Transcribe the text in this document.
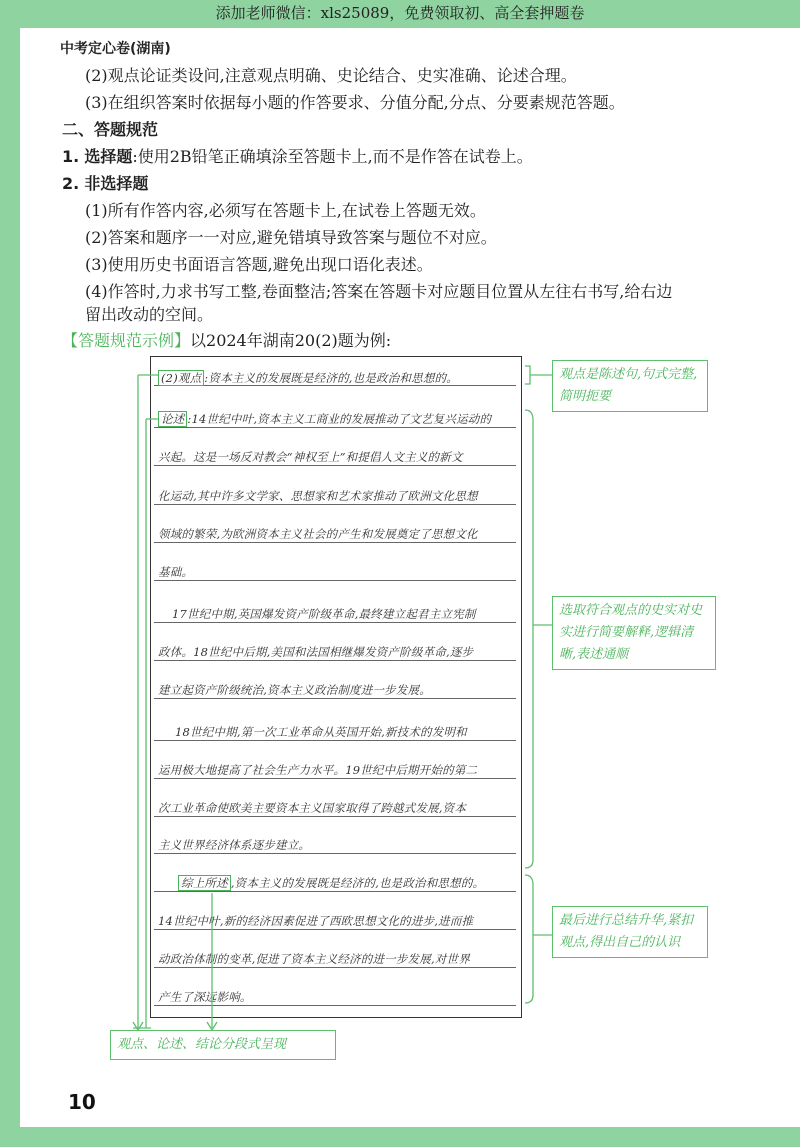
添加老师微信：xls25089，免费领取初、高全套押题卷
中考定心卷(湖南)
(2)观点论证类设问,注意观点明确、史论结合、史实准确、论述合理。
(3)在组织答案时依据每小题的作答要求、分值分配,分点、分要素规范答题。
二、答题规范
1. 选择题:使用2B铅笔正确填涂至答题卡上,而不是作答在试卷上。
2. 非选择题
(1)所有作答内容,必须写在答题卡上,在试卷上答题无效。
(2)答案和题序一一对应,避免错填导致答案与题位不对应。
(3)使用历史书面语言答题,避免出现口语化表述。
(4)作答时,力求书写工整,卷面整洁;答案在答题卡对应题目位置从左往右书写,给右边
留出改动的空间。
【答题规范示例】以2024年湖南20(2)题为例:
(2)观点 :资本主义的发展既是经济的,也是政治和思想的。
论述 :14世纪中叶,资本主义工商业的发展推动了文艺复兴运动的
兴起。这是一场反对教会“神权至上”和提倡人文主义的新文
化运动,其中许多文学家、思想家和艺术家推动了欧洲文化思想
领域的繁荣,为欧洲资本主义社会的产生和发展奠定了思想文化
基础。
17世纪中期,英国爆发资产阶级革命,最终建立起君主立宪制
政体。18世纪中后期,美国和法国相继爆发资产阶级革命,逐步
建立起资产阶级统治,资本主义政治制度进一步发展。
18世纪中期,第一次工业革命从英国开始,新技术的发明和
运用极大地提高了社会生产力水平。19世纪中后期开始的第二
次工业革命使欧美主要资本主义国家取得了跨越式发展,资本
主义世界经济体系逐步建立。
综上所述 ,资本主义的发展既是经济的,也是政治和思想的。
14世纪中叶,新的经济因素促进了西欧思想文化的进步,进而推
动政治体制的变革,促进了资本主义经济的进一步发展,对世界
产生了深远影响。
观点是陈述句,句式完整,简明扼要
选取符合观点的史实对史实进行简要解释,逻辑清晰,表述通顺
最后进行总结升华,紧扣观点,得出自己的认识
观点、论述、结论分段式呈现
10
